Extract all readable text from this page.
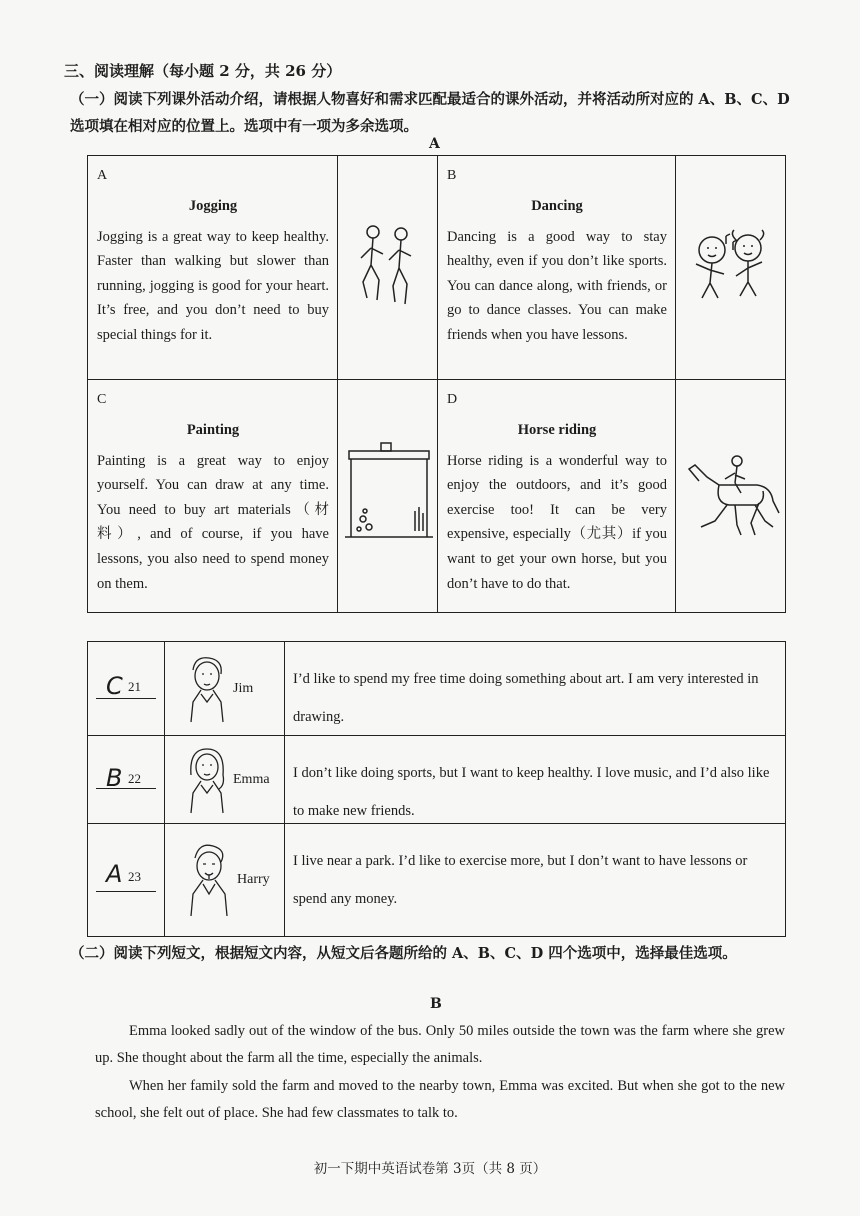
三、阅读理解（每小题 2 分，共 26 分）
（一）阅读下列课外活动介绍，请根据人物喜好和需求匹配最适合的课外活动，并将活动所对应的 A、B、C、D 选项填在相对应的位置上。选项中有一项为多余选项。
A
A
Jogging
Jogging is a great way to keep healthy. Faster than walking but slower than running, jogging is good for your heart. It’s free, and you don’t need to buy special things for it.
B
Dancing
Dancing is a good way to stay healthy, even if you don’t like sports. You can dance along, with friends, or go to dance classes. You can make friends when you have lessons.
C
Painting
Painting is a great way to enjoy yourself. You can draw at any time. You need to buy art materials（材料）, and of course, if you have lessons, you also need to spend money on them.
D
Horse riding
Horse riding is a wonderful way to enjoy the outdoors, and it’s good exercise too! It can be very expensive, especially（尤其）if you want to get your own horse, but you don’t have to do that.
C 21	Jim
I’d like to spend my free time doing something about art. I am very interested in drawing.
B 22	Emma	I don’t like doing sports, but I want to keep healthy. I love music, and I’d also like to make new friends.
A 23	Harry
I live near a park. I’d like to exercise more, but I don’t want to have lessons or spend any money.
（二）阅读下列短文，根据短文内容，从短文后各题所给的 A、B、C、D 四个选项中，选择最佳选项。
B

Emma looked sadly out of the window of the bus. Only 50 miles outside the town was the farm where she grew up. She thought about the farm all the time, especially the animals.

When her family sold the farm and moved to the nearby town, Emma was excited. But when she got to the new school, she felt out of place. She had few classmates to talk to.

初一下期中英语试卷第 3页（共 8 页）
